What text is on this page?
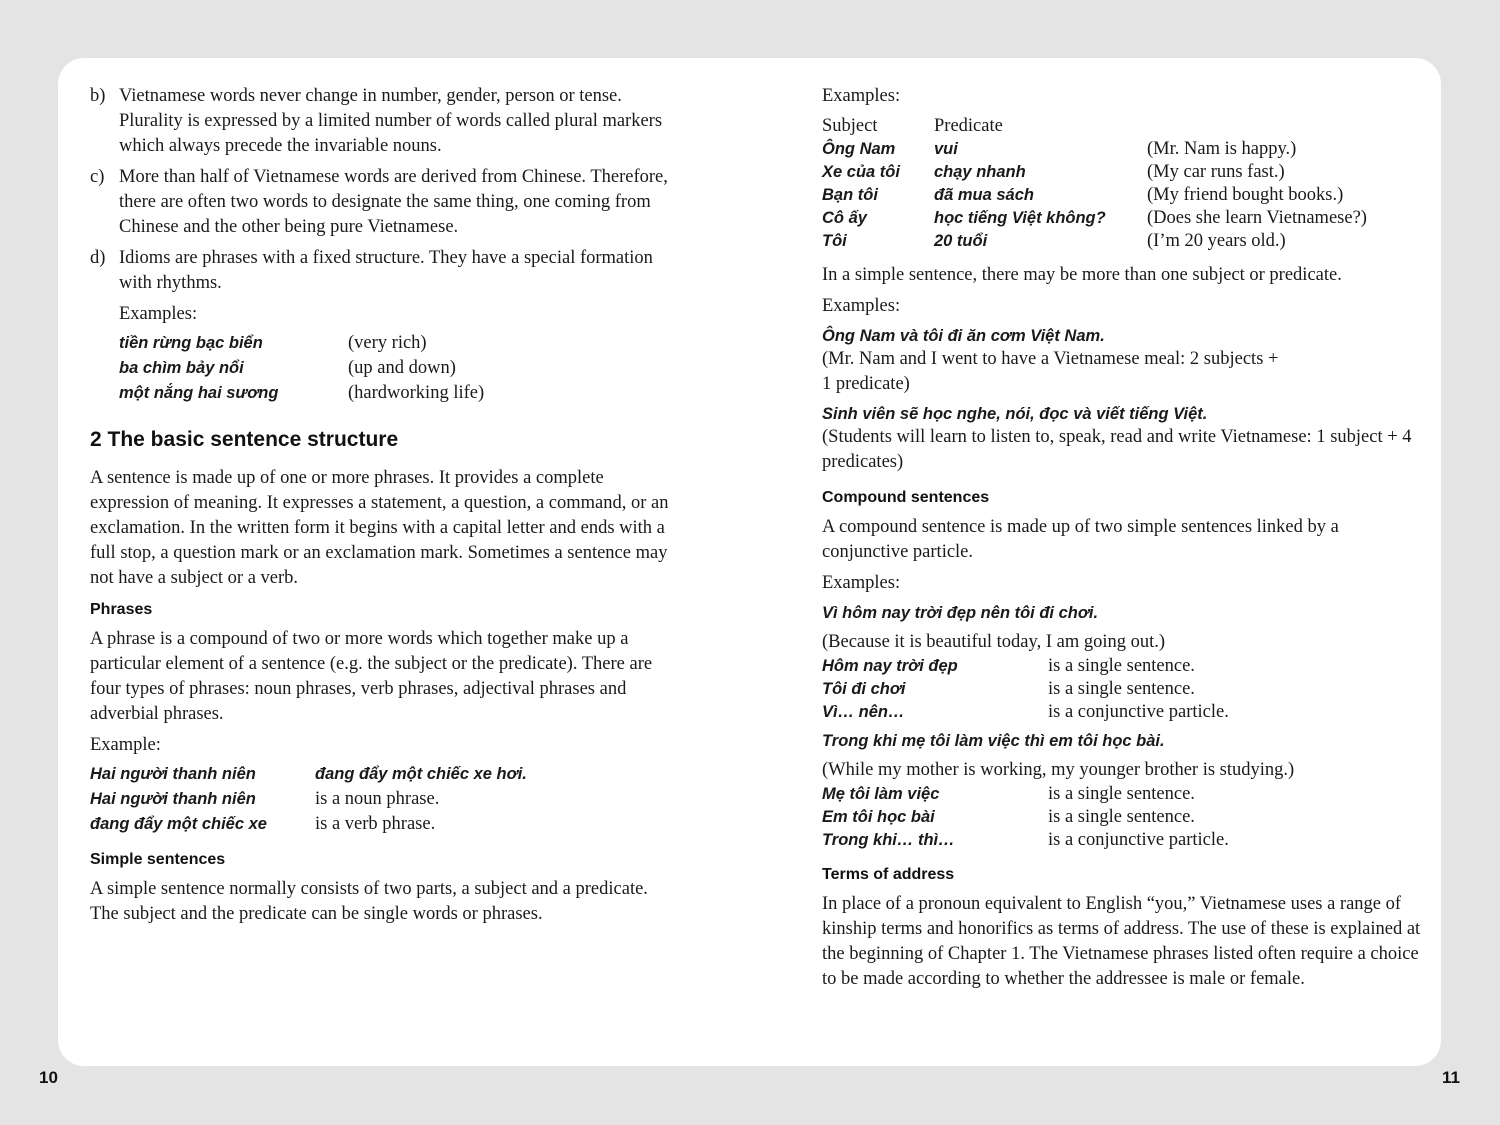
b) Vietnamese words never change in number, gender, person or tense. Plurality is expressed by a limited number of words called plural markers which always precede the invariable nouns.

c) More than half of Vietnamese words are derived from Chinese. Therefore, there are often two words to designate the same thing, one coming from Chinese and the other being pure Vietnamese.

d) Idioms are phrases with a fixed structure. They have a special formation with rhythms.

Examples:

tiền rừng bạc biển	(very rich)
ba chìm bảy nổi	(up and down)
một nắng hai sương	(hardworking life)
2 The basic sentence structure

A sentence is made up of one or more phrases. It provides a complete expression of meaning. It expresses a statement, a question, a command, or an exclamation. In the written form it begins with a capital letter and ends with a full stop, a question mark or an exclamation mark. Sometimes a sentence may not have a subject or a verb.

Phrases

A phrase is a compound of two or more words which together make up a particular element of a sentence (e.g. the subject or the predicate). There are four types of phrases: noun phrases, verb phrases, adjectival phrases and adverbial phrases.

Example:

Hai người thanh niên	đang đẩy một chiếc xe hơi.
Hai người thanh niên	is a noun phrase.
đang đẩy một chiếc xe	is a verb phrase.
Simple sentences

A simple sentence normally consists of two parts, a subject and a predicate. The subject and the predicate can be single words or phrases.

Examples:

Subject	Predicate
Ông Nam	vui	(Mr. Nam is happy.)
Xe của tôi	chạy nhanh	(My car runs fast.)
Bạn tôi	đã mua sách	(My friend bought books.)
Cô ấy	học tiếng Việt không?	(Does she learn Vietnamese?)
Tôi	20 tuổi	(I’m 20 years old.)

In a simple sentence, there may be more than one subject or predicate.

Examples:

Ông Nam và tôi đi ăn cơm Việt Nam.

(Mr. Nam and I went to have a Vietnamese meal: 2 subjects + 1 predicate)

Sinh viên sẽ học nghe, nói, đọc và viết tiếng Việt.

(Students will learn to listen to, speak, read and write Vietnamese: 1 subject + 4 predicates)

Compound sentences

A compound sentence is made up of two simple sentences linked by a conjunctive particle.

Examples:

Vì hôm nay trời đẹp nên tôi đi chơi.

(Because it is beautiful today, I am going out.)

Hôm nay trời đẹp	is a single sentence.
Tôi đi chơi	is a single sentence.
Vì… nên…	is a conjunctive particle.

Trong khi mẹ tôi làm việc thì em tôi học bài.

(While my mother is working, my younger brother is studying.)

Mẹ tôi làm việc	is a single sentence.
Em tôi học bài	is a single sentence.
Trong khi… thì…	is a conjunctive particle.
Terms of address

In place of a pronoun equivalent to English “you,” Vietnamese uses a range of kinship terms and honorifics as terms of address. The use of these is explained at the beginning of Chapter 1. The Vietnamese phrases listed often require a choice to be made according to whether the addressee is male or female.

10	11
